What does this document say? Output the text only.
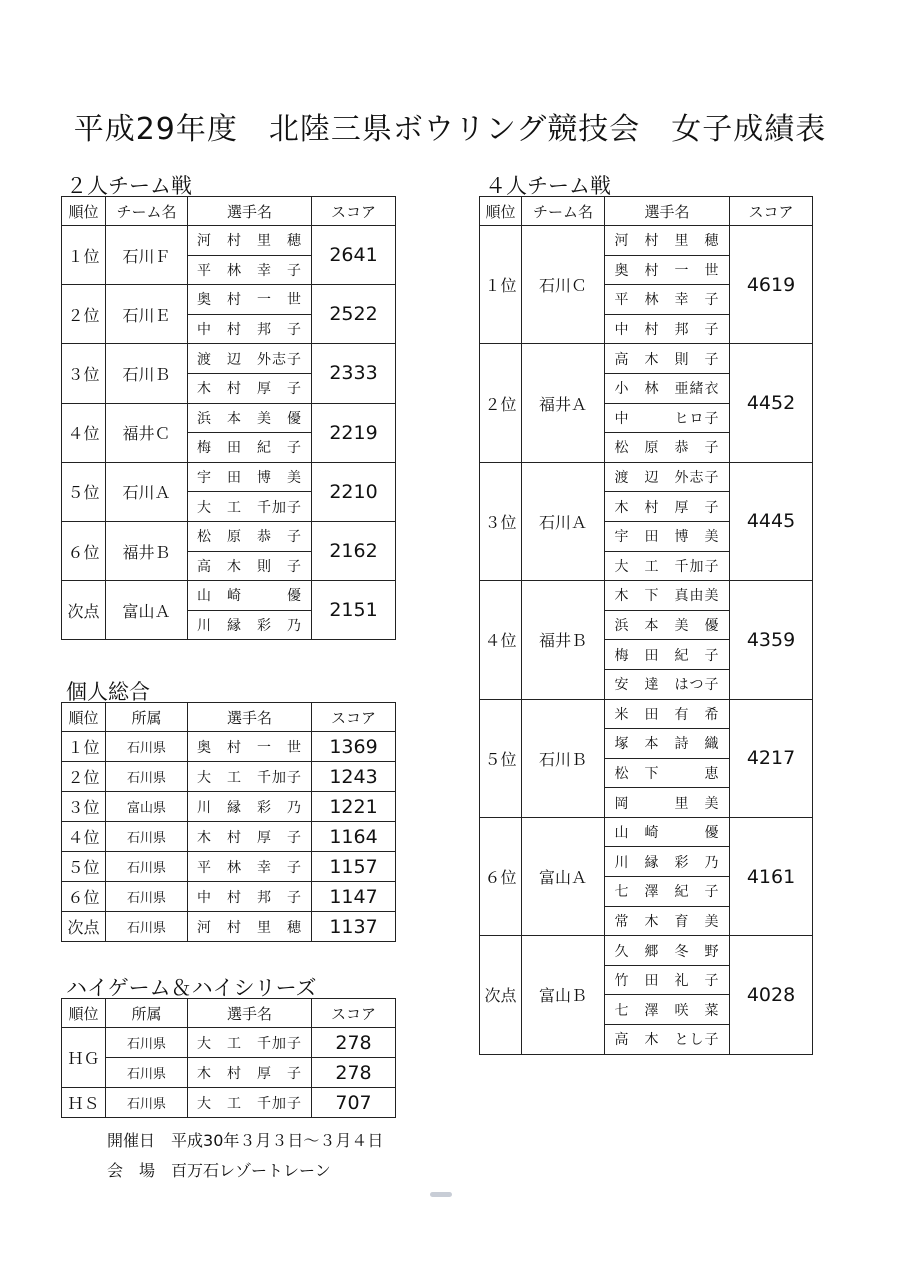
平成29年度　北陸三県ボウリング競技会　女子成績表
２人チーム戦
順位	チーム名	選手名	スコア
１位	石川Ｆ	河　村　里　穂	2641
		平　林　幸　子	
２位	石川Ｅ	奥　村　一　世	2522
		中　村　邦　子	
３位	石川Ｂ	渡　辺　外志子	2333
		木　村　厚　子	
４位	福井Ｃ	浜　本　美　優	2219
		梅　田　紀　子	
５位	石川Ａ	宇　田　博　美	2210
		大　工　千加子	
６位	福井Ｂ	松　原　恭　子	2162
		高　木　則　子	
次点	富山Ａ	山　崎　　　優	2151
		川　縁　彩　乃	
個人総合
順位	所属	選手名	スコア
１位	石川県	奥　村　一　世	1369
２位	石川県	大　工　千加子	1243
３位	富山県	川　縁　彩　乃	1221
４位	石川県	木　村　厚　子	1164
５位	石川県	平　林　幸　子	1157
６位	石川県	中　村　邦　子	1147
次点	石川県	河　村　里　穂	1137
ハイゲーム＆ハイシリーズ
順位	所属	選手名	スコア
ＨＧ	石川県	大　工　千加子	278
	石川県	木　村　厚　子	278
ＨＳ	石川県	大　工　千加子	707
開催日　 平成30年３月３日～３月４日
会　場　 百万石レゾートレーン
４人チーム戦
順位	チーム名	選手名	スコア
１位	石川Ｃ	河　村　里　穂	4619
		奥　村　一　世	
		平　林　幸　子	
		中　村　邦　子	
２位	福井Ａ	高　木　則　子	4452
		小　林　亜緒衣	
		中　　　ヒロ子	
		松　原　恭　子	
３位	石川Ａ	渡　辺　外志子	4445
		木　村　厚　子	
		宇　田　博　美	
		大　工　千加子	
４位	福井Ｂ	木　下　真由美	4359
		浜　本　美　優	
		梅　田　紀　子	
		安　達　はつ子	
５位	石川Ｂ	米　田　有　希	4217
		塚　本　詩　織	
		松　下　　　恵	
		岡　　　里　美	
６位	富山Ａ	山　崎　　　優	4161
		川　縁　彩　乃	
		七　澤　紀　子	
		常　木　育　美	
次点	富山Ｂ	久　郷　冬　野	4028
		竹　田　礼　子	
		七　澤　咲　菜	
		高　木　とし子	
